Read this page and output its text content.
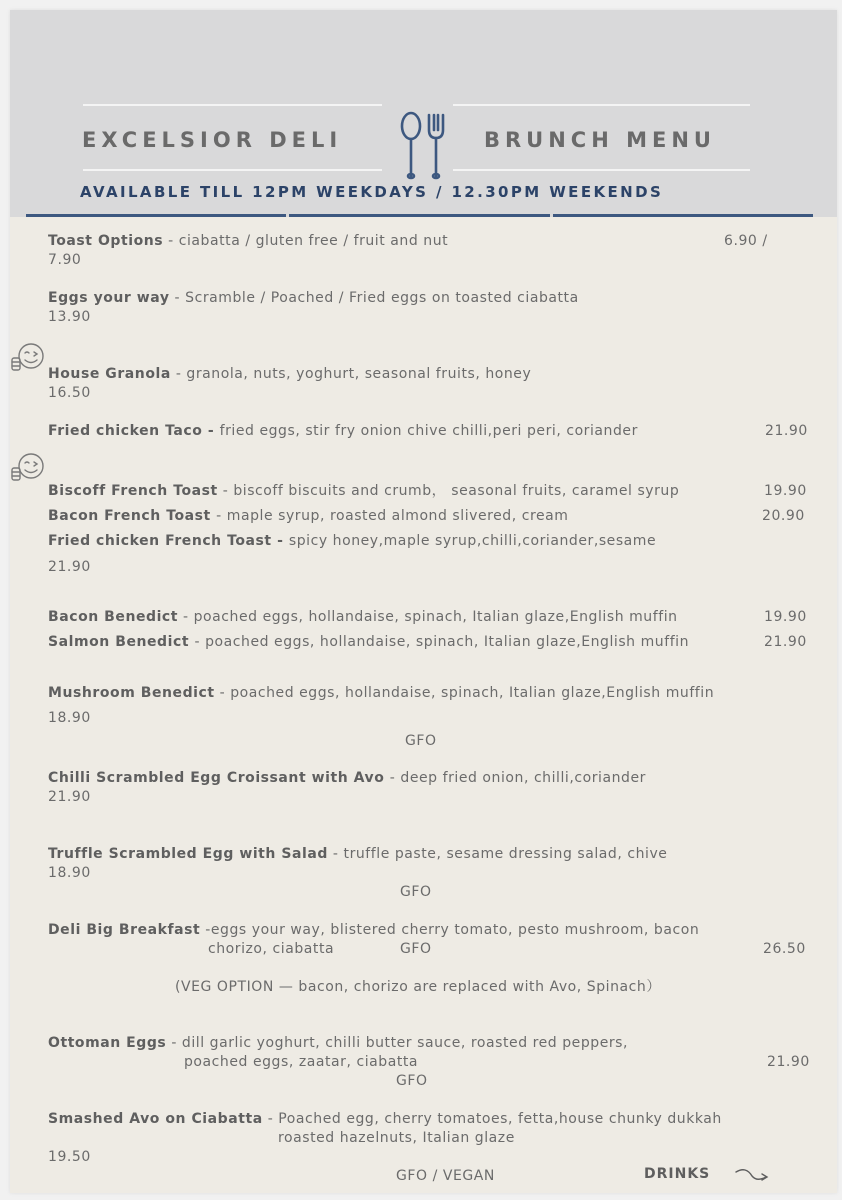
EXCELSIOR DELI	BRUNCH MENU
AVAILABLE TILL 12PM WEEKDAYS / 12.30PM WEEKENDS
Toast Options - ciabatta / gluten free / fruit and nut	6.90 /
7.90
Eggs your way - Scramble / Poached / Fried eggs on toasted ciabatta
13.90
House Granola - granola, nuts, yoghurt, seasonal fruits, honey
16.50
Fried chicken Taco - fried eggs, stir fry onion chive chilli,peri peri, coriander	21.90
Biscoff French Toast - biscoff biscuits and crumb， seasonal fruits, caramel syrup	19.90
Bacon French Toast - maple syrup, roasted almond slivered, cream	20.90
Fried chicken French Toast - spicy honey,maple syrup,chilli,coriander,sesame
21.90
Bacon Benedict - poached eggs, hollandaise, spinach, Italian glaze,English muffin	19.90
Salmon Benedict - poached eggs, hollandaise, spinach, Italian glaze,English muffin	21.90
Mushroom Benedict - poached eggs, hollandaise, spinach, Italian glaze,English muffin
18.90
GFO
Chilli Scrambled Egg Croissant with Avo - deep fried onion, chilli,coriander
21.90
Truffle Scrambled Egg with Salad - truffle paste, sesame dressing salad, chive
18.90
GFO
Deli Big Breakfast -eggs your way, blistered cherry tomato, pesto mushroom, bacon
chorizo, ciabatta	GFO	26.50
(VEG OPTION — bacon, chorizo are replaced with Avo, Spinach）
Ottoman Eggs - dill garlic yoghurt, chilli butter sauce, roasted red peppers,
poached eggs, zaatar, ciabatta	21.90
GFO
Smashed Avo on Ciabatta - Poached egg, cherry tomatoes, fetta,house chunky dukkah
roasted hazelnuts, Italian glaze
19.50
GFO / VEGAN	DRINKS
